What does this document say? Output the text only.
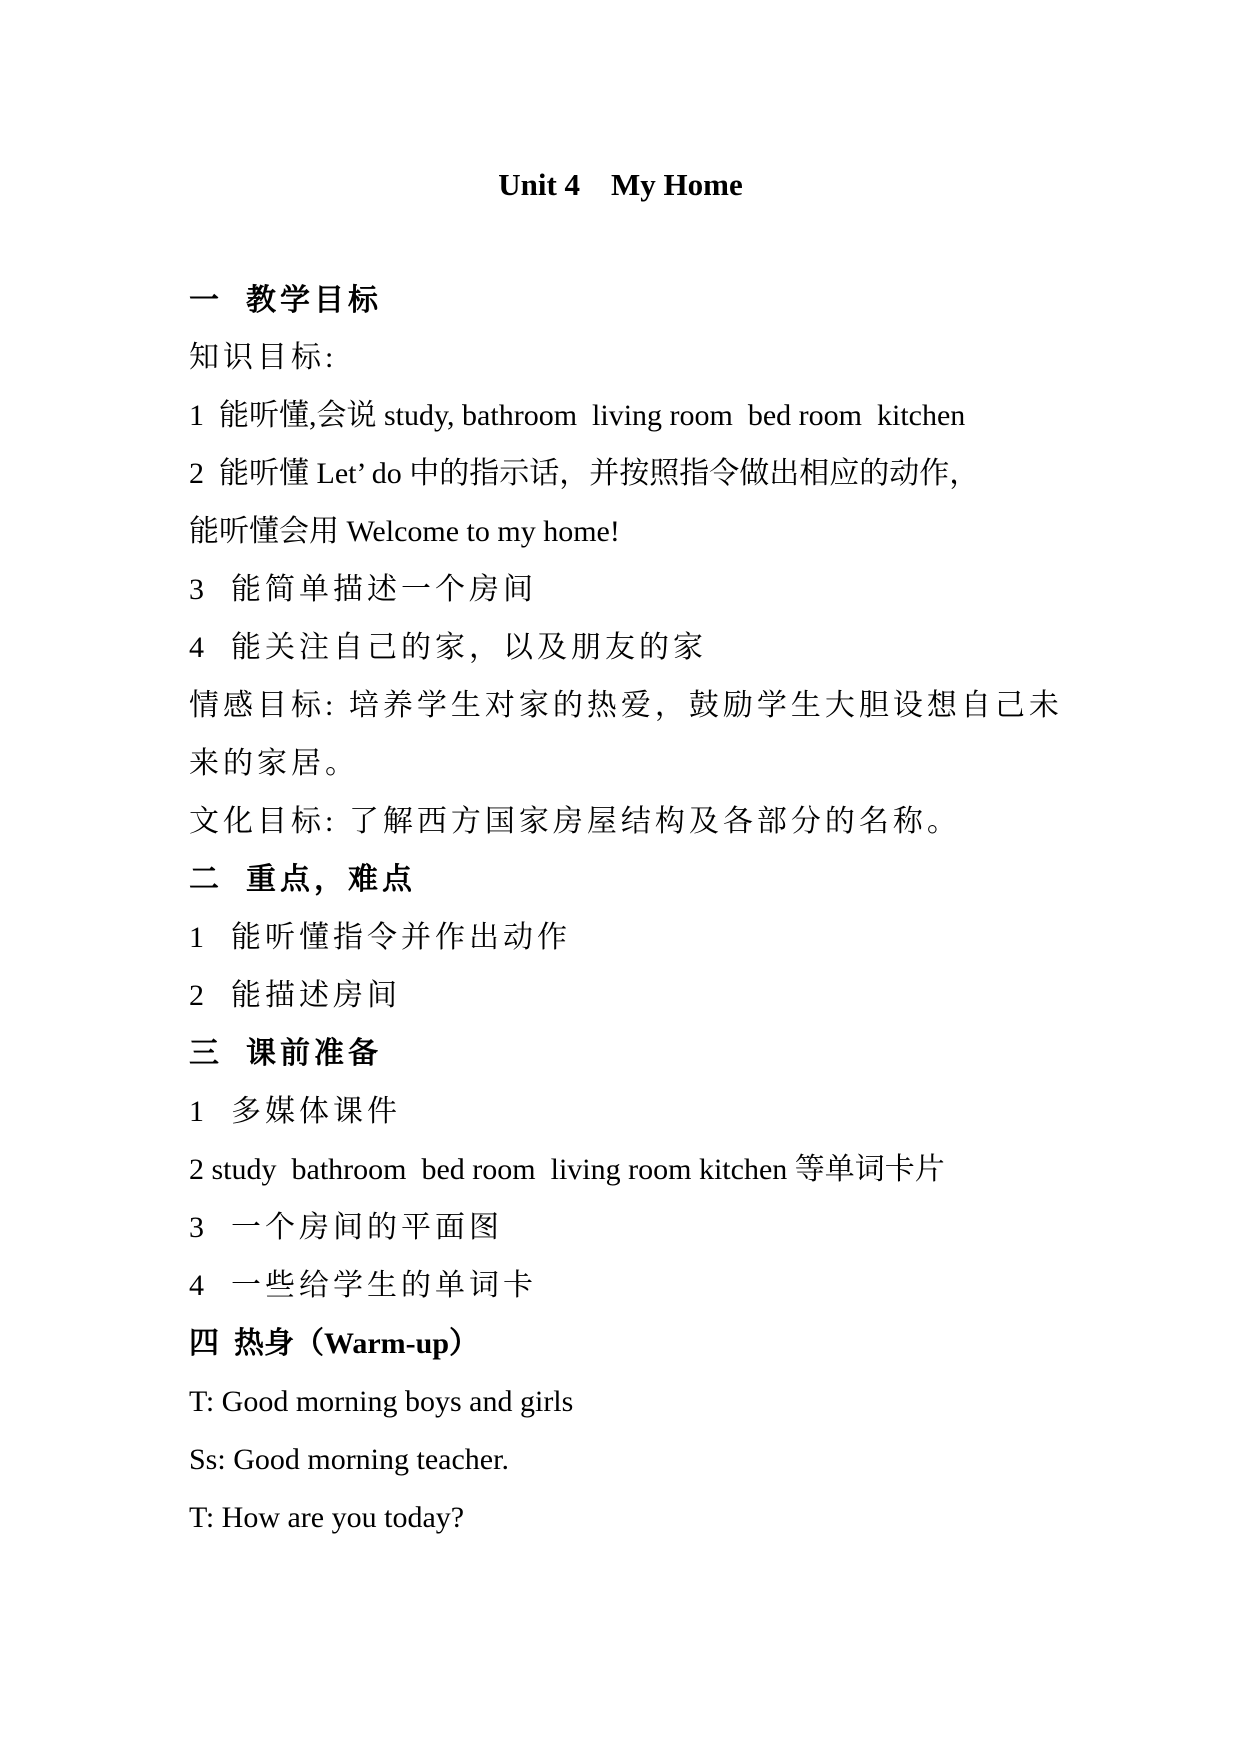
Unit 4    My Home
一  教学目标
知识目标:
1  能听懂,会说 study, bathroom  living room  bed room  kitchen
2  能听懂 Let’ do 中的指示话，并按照指令做出相应的动作，
能听懂会用 Welcome to my home!
3  能简单描述一个房间
4  能关注自己的家，以及朋友的家
情感目标: 培养学生对家的热爱，鼓励学生大胆设想自己未
来的家居。
文化目标: 了解西方国家房屋结构及各部分的名称。
二  重点，难点
1  能听懂指令并作出动作
2  能描述房间
三  课前准备
1  多媒体课件
2 study  bathroom  bed room  living room kitchen 等单词卡片
3  一个房间的平面图
4  一些给学生的单词卡
四  热身（Warm-up）
T: Good morning boys and girls
Ss: Good morning teacher.
T: How are you today?
